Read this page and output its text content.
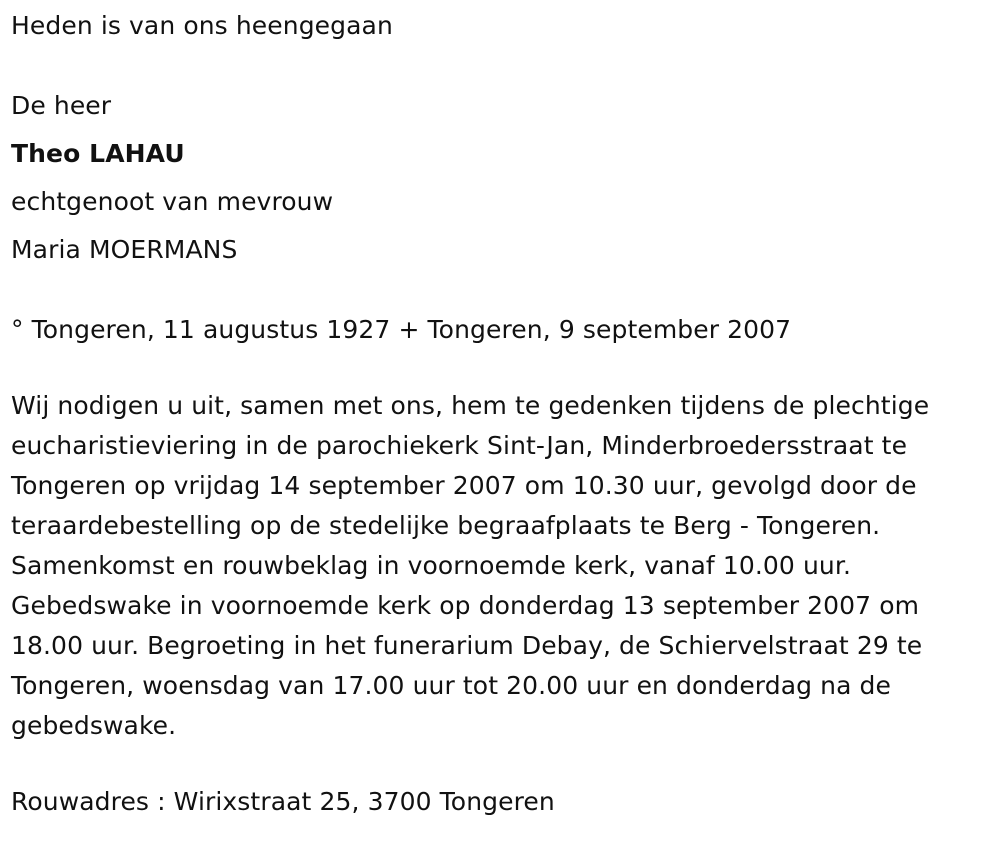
Heden is van ons heengegaan
De heer
Theo LAHAU
echtgenoot van mevrouw
Maria MOERMANS
° Tongeren, 11 augustus 1927 + Tongeren, 9 september 2007
Wij nodigen u uit, samen met ons, hem te gedenken tijdens de plechtige
eucharistieviering in de parochiekerk Sint-Jan, Minderbroedersstraat te
Tongeren op vrijdag 14 september 2007 om 10.30 uur, gevolgd door de
teraardebestelling op de stedelijke begraafplaats te Berg - Tongeren.
Samenkomst en rouwbeklag in voornoemde kerk, vanaf 10.00 uur.
Gebedswake in voornoemde kerk op donderdag 13 september 2007 om
18.00 uur. Begroeting in het funerarium Debay, de Schiervelstraat 29 te
Tongeren, woensdag van 17.00 uur tot 20.00 uur en donderdag na de
gebedswake.
Rouwadres : Wirixstraat 25, 3700 Tongeren
